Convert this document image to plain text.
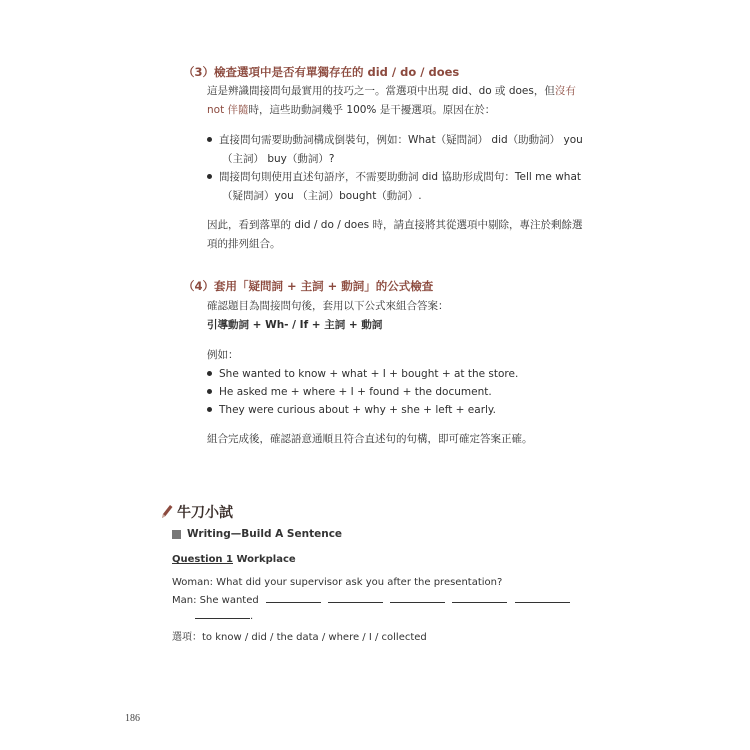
（3）檢查選項中是否有單獨存在的 did / do / does
這是辨識間接問句最實用的技巧之一。當選項中出現 did、do 或 does，但沒有
not 伴隨時，這些助動詞幾乎 100% 是干擾選項。原因在於：
直接問句需要助動詞構成倒裝句，例如：What（疑問詞） did（助動詞） you
（主詞） buy（動詞）?
間接問句則使用直述句語序，不需要助動詞 did 協助形成問句：Tell me what
（疑問詞）you （主詞）bought（動詞）.
因此，看到落單的 did / do / does 時，請直接將其從選項中剔除，專注於剩餘選
項的排列組合。
（4）套用「疑問詞 + 主詞 + 動詞」的公式檢查
確認題目為間接問句後，套用以下公式來組合答案：
引導動詞 + Wh- / If + 主詞 + 動詞
例如：
She wanted to know + what + I + bought + at the store.
He asked me + where + I + found + the document.
They were curious about + why + she + left + early.
組合完成後，確認語意通順且符合直述句的句構，即可確定答案正確。
牛刀小試
Writing—Build A Sentence
Question 1 Workplace
Woman: What did your supervisor ask you after the presentation?
Man: She wanted
.
選項：to know / did / the data / where / I / collected
186
